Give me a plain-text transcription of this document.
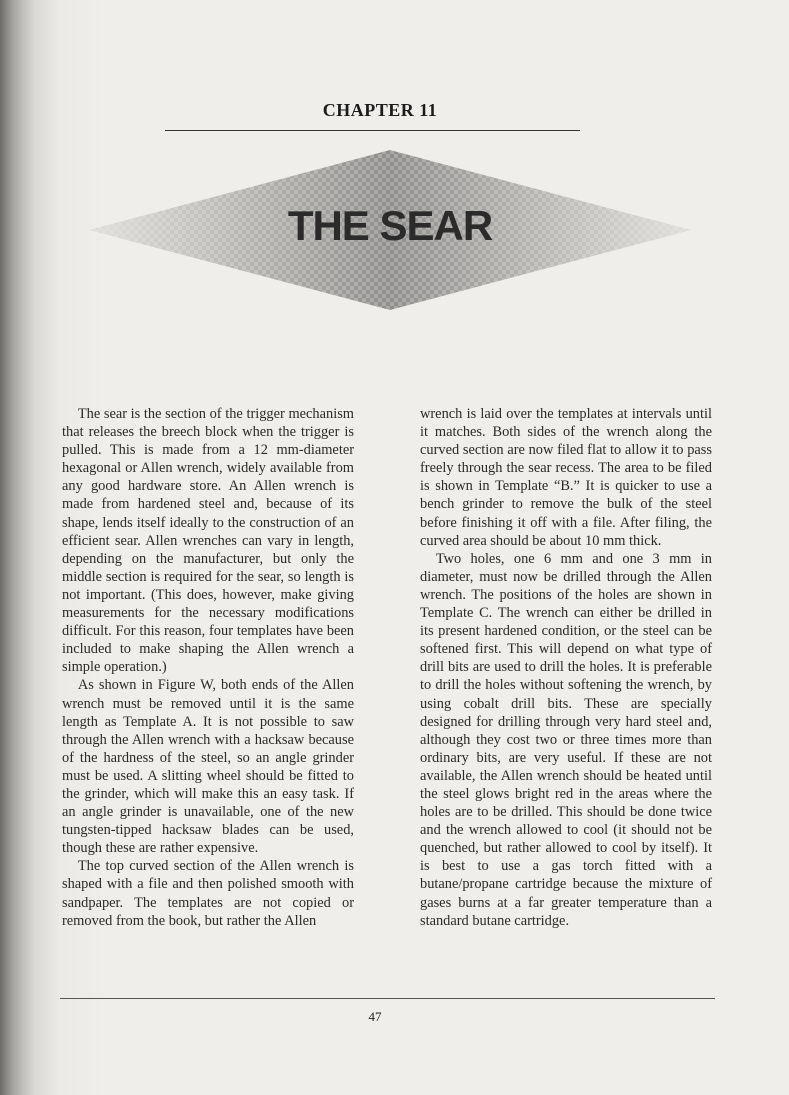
CHAPTER 11
THE SEAR

The sear is the section of the trigger mechanism that releases the breech block when the trigger is pulled. This is made from a 12 mm-diameter hexagonal or Allen wrench, widely available from any good hardware store. An Allen wrench is made from hardened steel and, because of its shape, lends itself ideally to the construction of an efficient sear. Allen wrenches can vary in length, depending on the manufacturer, but only the middle section is required for the sear, so length is not important. (This does, however, make giving measurements for the necessary modifications difficult. For this reason, four templates have been included to make shaping the Allen wrench a simple operation.)

As shown in Figure W, both ends of the Allen wrench must be removed until it is the same length as Template A. It is not possible to saw through the Allen wrench with a hacksaw because of the hardness of the steel, so an angle grinder must be used. A slitting wheel should be fitted to the grinder, which will make this an easy task. If an angle grinder is unavailable, one of the new tungsten-tipped hacksaw blades can be used, though these are rather expensive.

The top curved section of the Allen wrench is shaped with a file and then polished smooth with sandpaper. The templates are not copied or removed from the book, but rather the Allen

wrench is laid over the templates at intervals until it matches. Both sides of the wrench along the curved section are now filed flat to allow it to pass freely through the sear recess. The area to be filed is shown in Template “B.” It is quicker to use a bench grinder to remove the bulk of the steel before finishing it off with a file. After filing, the curved area should be about 10 mm thick.

Two holes, one 6 mm and one 3 mm in diameter, must now be drilled through the Allen wrench. The positions of the holes are shown in Template C. The wrench can either be drilled in its present hardened condition, or the steel can be softened first. This will depend on what type of drill bits are used to drill the holes. It is preferable to drill the holes without softening the wrench, by using cobalt drill bits. These are specially designed for drilling through very hard steel and, although they cost two or three times more than ordinary bits, are very useful. If these are not available, the Allen wrench should be heated until the steel glows bright red in the areas where the holes are to be drilled. This should be done twice and the wrench allowed to cool (it should not be quenched, but rather allowed to cool by itself). It is best to use a gas torch fitted with a butane/propane cartridge because the mixture of gases burns at a far greater temperature than a standard butane cartridge.

47
